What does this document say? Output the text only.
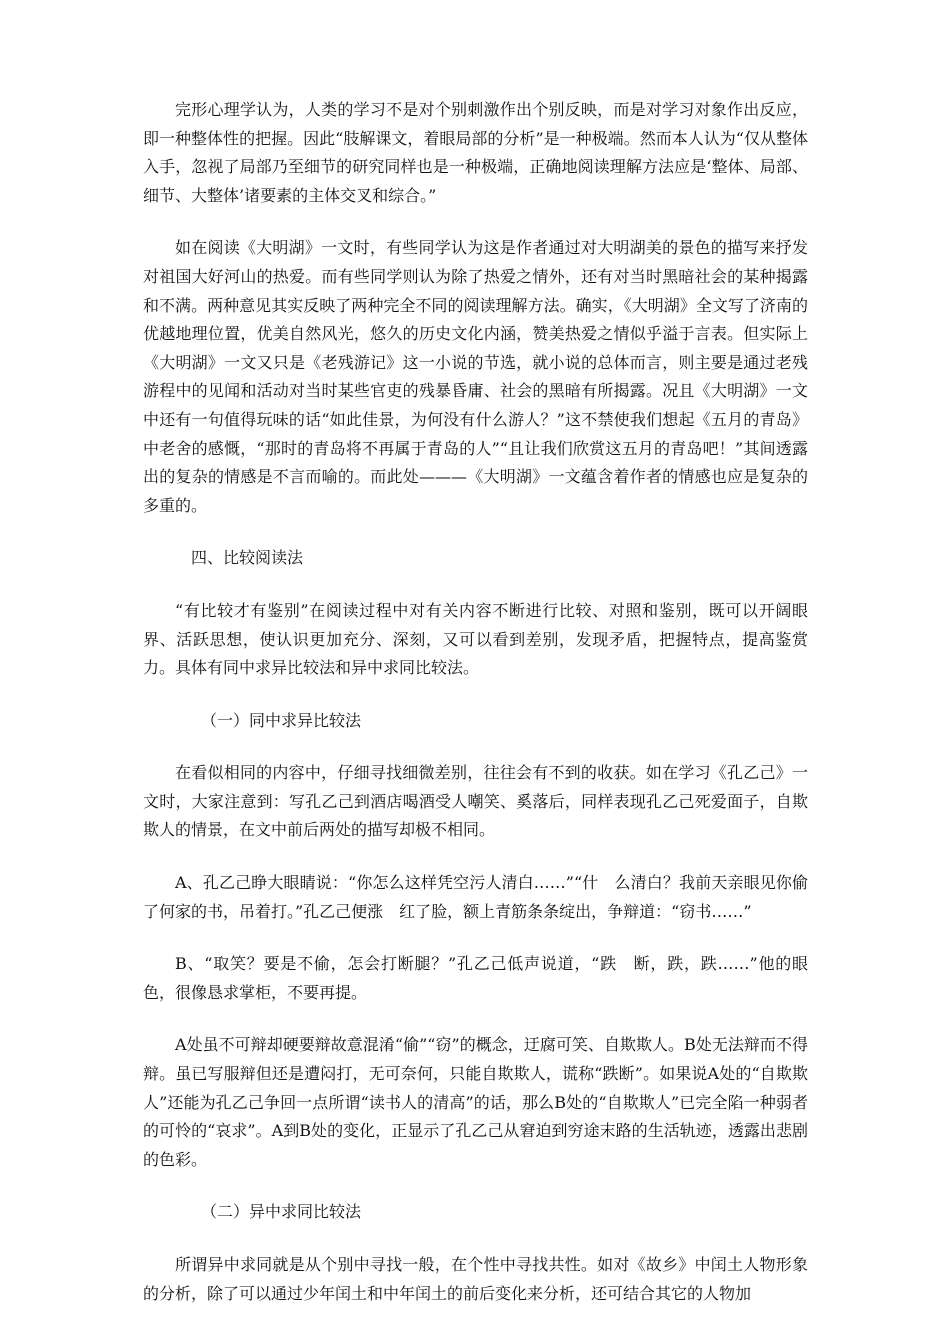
完形心理学认为，人类的学习不是对个别刺激作出个别反映，而是对学习对象作出反应，即一种整体性的把握。因此“肢解课文，着眼局部的分析”是一种极端。然而本人认为“仅从整体入手，忽视了局部乃至细节的研究同样也是一种极端，正确地阅读理解方法应是‘整体、局部、细节、大整体’诸要素的主体交叉和综合。”

如在阅读《大明湖》一文时，有些同学认为这是作者通过对大明湖美的景色的描写来抒发对祖国大好河山的热爱。而有些同学则认为除了热爱之情外，还有对当时黑暗社会的某种揭露和不满。两种意见其实反映了两种完全不同的阅读理解方法。确实，《大明湖》全文写了济南的优越地理位置，优美自然风光，悠久的历史文化内涵，赞美热爱之情似乎溢于言表。但实际上《大明湖》一文又只是《老残游记》这一小说的节选，就小说的总体而言，则主要是通过老残游程中的见闻和活动对当时某些官吏的残暴昏庸、社会的黑暗有所揭露。况且《大明湖》一文中还有一句值得玩味的话“如此佳景，为何没有什么游人？”这不禁使我们想起《五月的青岛》中老舍的感慨，“那时的青岛将不再属于青岛的人”“且让我们欣赏这五月的青岛吧！”其间透露出的复杂的情感是不言而喻的。而此处———《大明湖》一文蕴含着作者的情感也应是复杂的多重的。

四、比较阅读法

“有比较才有鉴别”在阅读过程中对有关内容不断进行比较、对照和鉴别，既可以开阔眼界、活跃思想，使认识更加充分、深刻，又可以看到差别，发现矛盾，把握特点，提高鉴赏力。具体有同中求异比较法和异中求同比较法。

（一）同中求异比较法

在看似相同的内容中，仔细寻找细微差别，往往会有不到的收获。如在学习《孔乙己》一文时，大家注意到：写孔乙己到酒店喝酒受人嘲笑、奚落后，同样表现孔乙己死爱面子，自欺欺人的情景，在文中前后两处的描写却极不相同。

A、孔乙己睁大眼睛说：“你怎么这样凭空污人清白……”“什　么清白？我前天亲眼见你偷了何家的书，吊着打。”孔乙己便涨　红了脸，额上青筋条条绽出，争辩道：“窃书……”

B、“取笑？要是不偷，怎会打断腿？”孔乙己低声说道，“跌　断，跌，跌……”他的眼色，很像恳求掌柜，不要再提。

A处虽不可辩却硬要辩故意混淆“偷”“窃”的概念，迂腐可笑、自欺欺人。B处无法辩而不得辩。虽已写服辩但还是遭闷打，无可奈何，只能自欺欺人，谎称“跌断”。如果说A处的“自欺欺人”还能为孔乙己争回一点所谓“读书人的清高”的话，那么B处的“自欺欺人”已完全陷一种弱者的可怜的“哀求”。A到B处的变化，正显示了孔乙己从窘迫到穷途末路的生活轨迹，透露出悲剧的色彩。

（二）异中求同比较法

所谓异中求同就是从个别中寻找一般，在个性中寻找共性。如对《故乡》中闰土人物形象的分析，除了可以通过少年闰土和中年闰土的前后变化来分析，还可结合其它的人物加
